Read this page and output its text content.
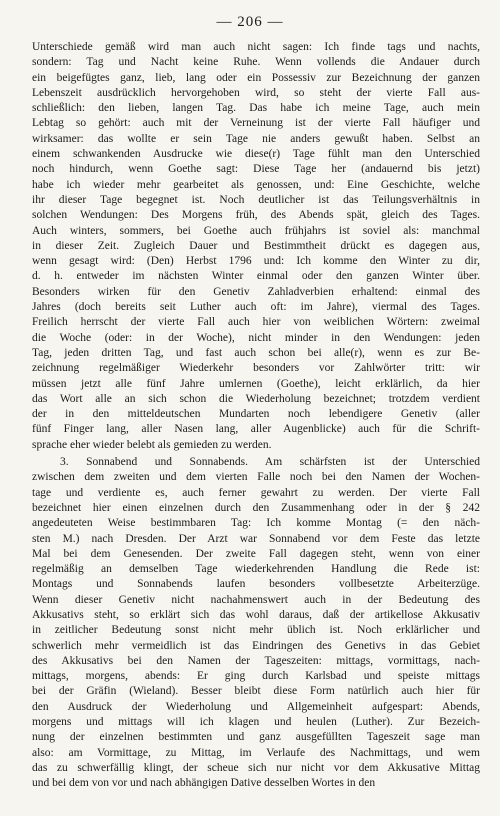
— 206 —
Unterschiede gemäß wird man auch nicht sagen: Ich finde tags und nachts,
sondern: Tag und Nacht keine Ruhe. Wenn vollends die Andauer durch
ein beigefügtes ganz, lieb, lang oder ein Possessiv zur Bezeichnung der ganzen
Lebenszeit ausdrücklich hervorgehoben wird, so steht der vierte Fall aus-
schließlich: den lieben, langen Tag. Das habe ich meine Tage, auch mein
Lebtag so gehört: auch mit der Verneinung ist der vierte Fall häufiger und
wirksamer: das wollte er sein Tage nie anders gewußt haben. Selbst an
einem schwankenden Ausdrucke wie diese(r) Tage fühlt man den Unterschied
noch hindurch, wenn Goethe sagt: Diese Tage her (andauernd bis jetzt)
habe ich wieder mehr gearbeitet als genossen, und: Eine Geschichte, welche
ihr dieser Tage begegnet ist. Noch deutlicher ist das Teilungsverhältnis in
solchen Wendungen: Des Morgens früh, des Abends spät, gleich des Tages.
Auch winters, sommers, bei Goethe auch frühjahrs ist soviel als: manchmal
in dieser Zeit. Zugleich Dauer und Bestimmtheit drückt es dagegen aus,
wenn gesagt wird: (Den) Herbst 1796 und: Ich komme den Winter zu dir,
d. h. entweder im nächsten Winter einmal oder den ganzen Winter über.
Besonders wirken für den Genetiv Zahladverbien erhaltend: einmal des
Jahres (doch bereits seit Luther auch oft: im Jahre), viermal des Tages.
Freilich herrscht der vierte Fall auch hier von weiblichen Wörtern: zweimal
die Woche (oder: in der Woche), nicht minder in den Wendungen: jeden
Tag, jeden dritten Tag, und fast auch schon bei alle(r), wenn es zur Be-
zeichnung regelmäßiger Wiederkehr besonders vor Zahlwörter tritt: wir
müssen jetzt alle fünf Jahre umlernen (Goethe), leicht erklärlich, da hier
das Wort alle an sich schon die Wiederholung bezeichnet; trotzdem verdient
der in den mitteldeutschen Mundarten noch lebendigere Genetiv (aller
fünf Finger lang, aller Nasen lang, aller Augenblicke) auch für die Schrift-
sprache eher wieder belebt als gemieden zu werden.
3. Sonnabend und Sonnabends. Am schärfsten ist der Unterschied
zwischen dem zweiten und dem vierten Falle noch bei den Namen der Wochen-
tage und verdiente es, auch ferner gewahrt zu werden. Der vierte Fall
bezeichnet hier einen einzelnen durch den Zusammenhang oder in der § 242
angedeuteten Weise bestimmbaren Tag: Ich komme Montag (= den näch-
sten M.) nach Dresden. Der Arzt war Sonnabend vor dem Feste das letzte
Mal bei dem Genesenden. Der zweite Fall dagegen steht, wenn von einer
regelmäßig an demselben Tage wiederkehrenden Handlung die Rede ist:
Montags und Sonnabends laufen besonders vollbesetzte Arbeiterzüge.
Wenn dieser Genetiv nicht nachahmenswert auch in der Bedeutung des
Akkusativs steht, so erklärt sich das wohl daraus, daß der artikellose Akkusativ
in zeitlicher Bedeutung sonst nicht mehr üblich ist. Noch erklärlicher und
schwerlich mehr vermeidlich ist das Eindringen des Genetivs in das Gebiet
des Akkusativs bei den Namen der Tageszeiten: mittags, vormittags, nach-
mittags, morgens, abends: Er ging durch Karlsbad und speiste mittags
bei der Gräfin (Wieland). Besser bleibt diese Form natürlich auch hier für
den Ausdruck der Wiederholung und Allgemeinheit aufgespart: Abends,
morgens und mittags will ich klagen und heulen (Luther). Zur Bezeich-
nung der einzelnen bestimmten und ganz ausgefüllten Tageszeit sage man
also: am Vormittage, zu Mittag, im Verlaufe des Nachmittags, und wem
das zu schwerfällig klingt, der scheue sich nur nicht vor dem Akkusative Mittag
und bei dem von vor und nach abhängigen Dative desselben Wortes in den
